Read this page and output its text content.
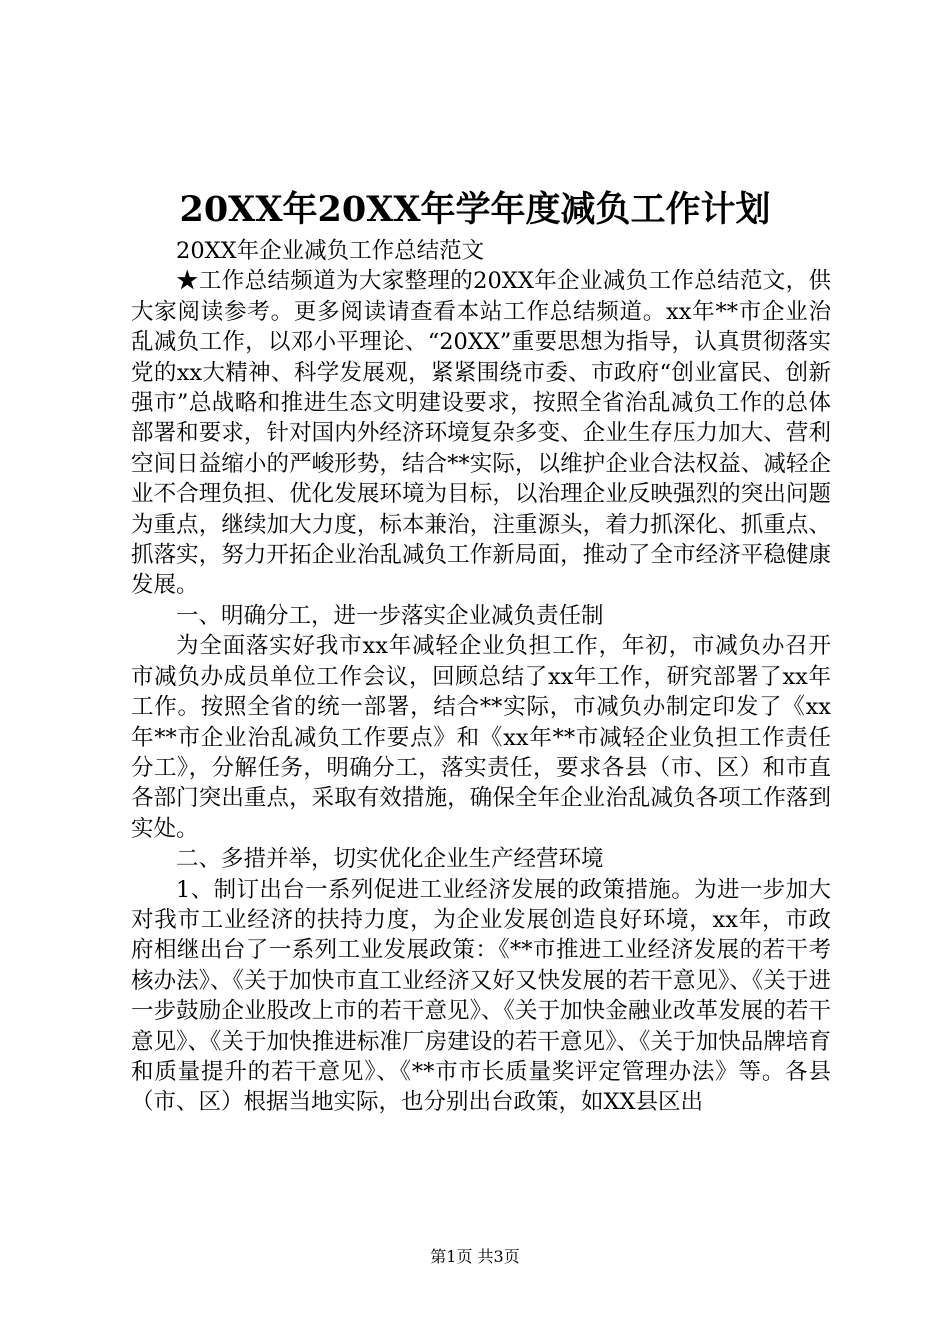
20XX年20XX年学年度减负工作计划

20XX年企业减负工作总结范文

★工作总结频道为大家整理的20XX年企业减负工作总结范文，供大家阅读参考。更多阅读请查看本站工作总结频道。xx年**市企业治乱减负工作，以邓小平理论、“20XX”重要思想为指导，认真贯彻落实党的xx大精神、科学发展观，紧紧围绕市委、市政府“创业富民、创新强市”总战略和推进生态文明建设要求，按照全省治乱减负工作的总体部署和要求，针对国内外经济环境复杂多变、企业生存压力加大、营利空间日益缩小的严峻形势，结合**实际，以维护企业合法权益、减轻企业不合理负担、优化发展环境为目标，以治理企业反映强烈的突出问题为重点，继续加大力度，标本兼治，注重源头，着力抓深化、抓重点、抓落实，努力开拓企业治乱减负工作新局面，推动了全市经济平稳健康发展。

一、明确分工，进一步落实企业减负责任制

为全面落实好我市xx年减轻企业负担工作，年初，市减负办召开市减负办成员单位工作会议，回顾总结了xx年工作，研究部署了xx年工作。按照全省的统一部署，结合**实际，市减负办制定印发了《xx年**市企业治乱减负工作要点》和《xx年**市减轻企业负担工作责任分工》，分解任务，明确分工，落实责任，要求各县（市、区）和市直各部门突出重点，采取有效措施，确保全年企业治乱减负各项工作落到实处。

二、多措并举，切实优化企业生产经营环境

1、制订出台一系列促进工业经济发展的政策措施。为进一步加大对我市工业经济的扶持力度，为企业发展创造良好环境，xx年，市政府相继出台了一系列工业发展政策：《**市推进工业经济发展的若干考核办法》、《关于加快市直工业经济又好又快发展的若干意见》、《关于进一步鼓励企业股改上市的若干意见》、《关于加快金融业改革发展的若干意见》、《关于加快推进标准厂房建设的若干意见》、《关于加快品牌培育和质量提升的若干意见》、《**市市长质量奖评定管理办法》等。各县（市、区）根据当地实际，也分别出台政策，如XX县区出

第1页 共3页
